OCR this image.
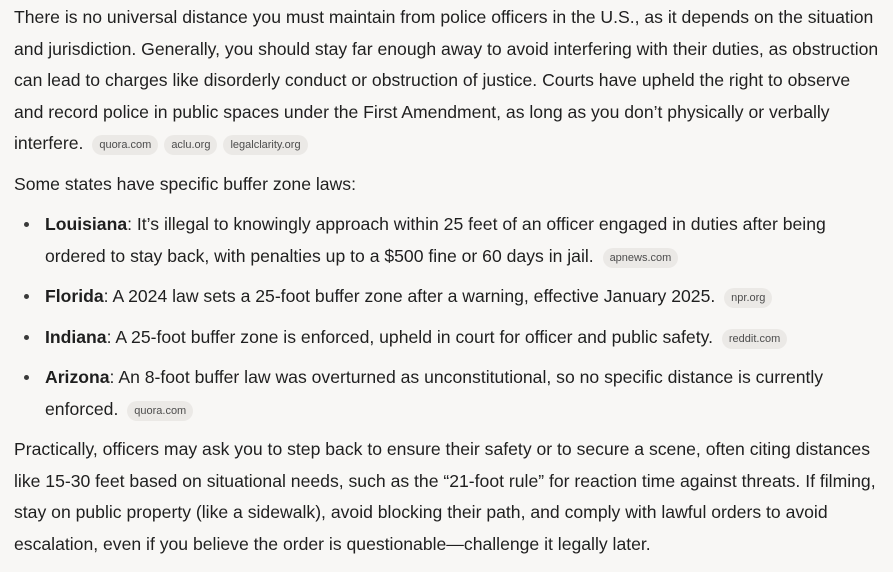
There is no universal distance you must maintain from police officers in the U.S., as it depends on the situation and jurisdiction. Generally, you should stay far enough away to avoid interfering with their duties, as obstruction can lead to charges like disorderly conduct or obstruction of justice. Courts have upheld the right to observe and record police in public spaces under the First Amendment, as long as you don’t physically or verbally interfere. quora.com aclu.org legalclarity.org

Some states have specific buffer zone laws:

Louisiana: It’s illegal to knowingly approach within 25 feet of an officer engaged in duties after being ordered to stay back, with penalties up to a $500 fine or 60 days in jail. apnews.com
Florida: A 2024 law sets a 25-foot buffer zone after a warning, effective January 2025. npr.org
Indiana: A 25-foot buffer zone is enforced, upheld in court for officer and public safety. reddit.com
Arizona: An 8-foot buffer law was overturned as unconstitutional, so no specific distance is currently enforced. quora.com

Practically, officers may ask you to step back to ensure their safety or to secure a scene, often citing distances like 15-30 feet based on situational needs, such as the “21-foot rule” for reaction time against threats. If filming, stay on public property (like a sidewalk), avoid blocking their path, and comply with lawful orders to avoid escalation, even if you believe the order is questionable—challenge it legally later.
